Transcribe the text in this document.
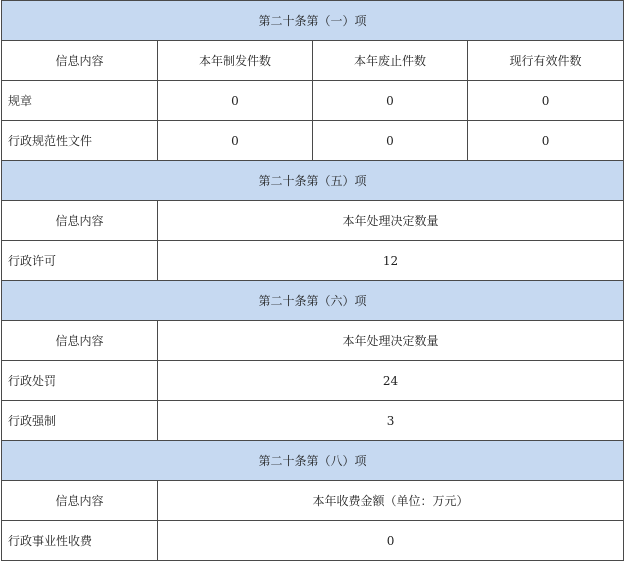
第二十条第（一）项			
信息内容	本年制发件数	本年废止件数	现行有效件数
规章	0	0	0
行政规范性文件	0	0	0
第二十条第（五）项			
信息内容	本年处理决定数量		
行政许可	12		
第二十条第（六）项			
信息内容	本年处理决定数量		
行政处罚	24		
行政强制	3		
第二十条第（八）项			
信息内容	本年收费金额（单位：万元）		
行政事业性收费	0		
